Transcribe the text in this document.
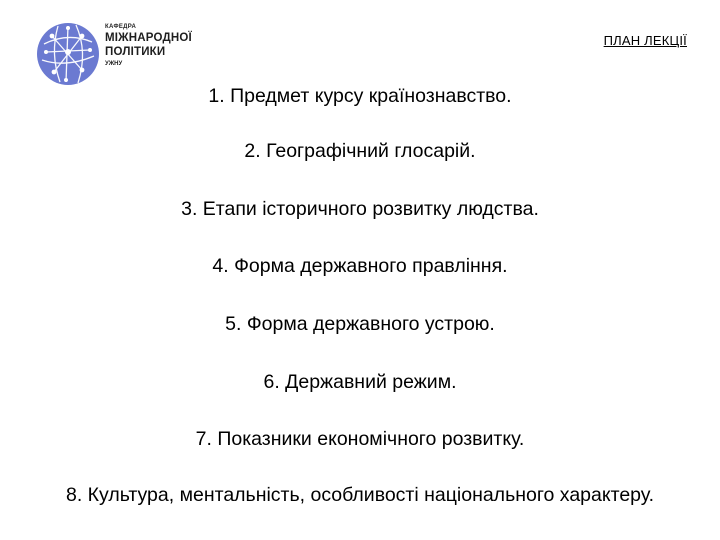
КАФЕДРА
МІЖНАРОДНОЇ
ПОЛІТИКИ
УЖНУ
ПЛАН ЛЕКЦІЇ
1. Предмет курсу країнознавство.
2. Географічний глосарій.
3. Етапи історичного розвитку людства.
4. Форма державного правління.
5. Форма державного устрою.
6. Державний режим.
7. Показники економічного розвитку.
8. Культура, ментальність, особливості національного характеру.
